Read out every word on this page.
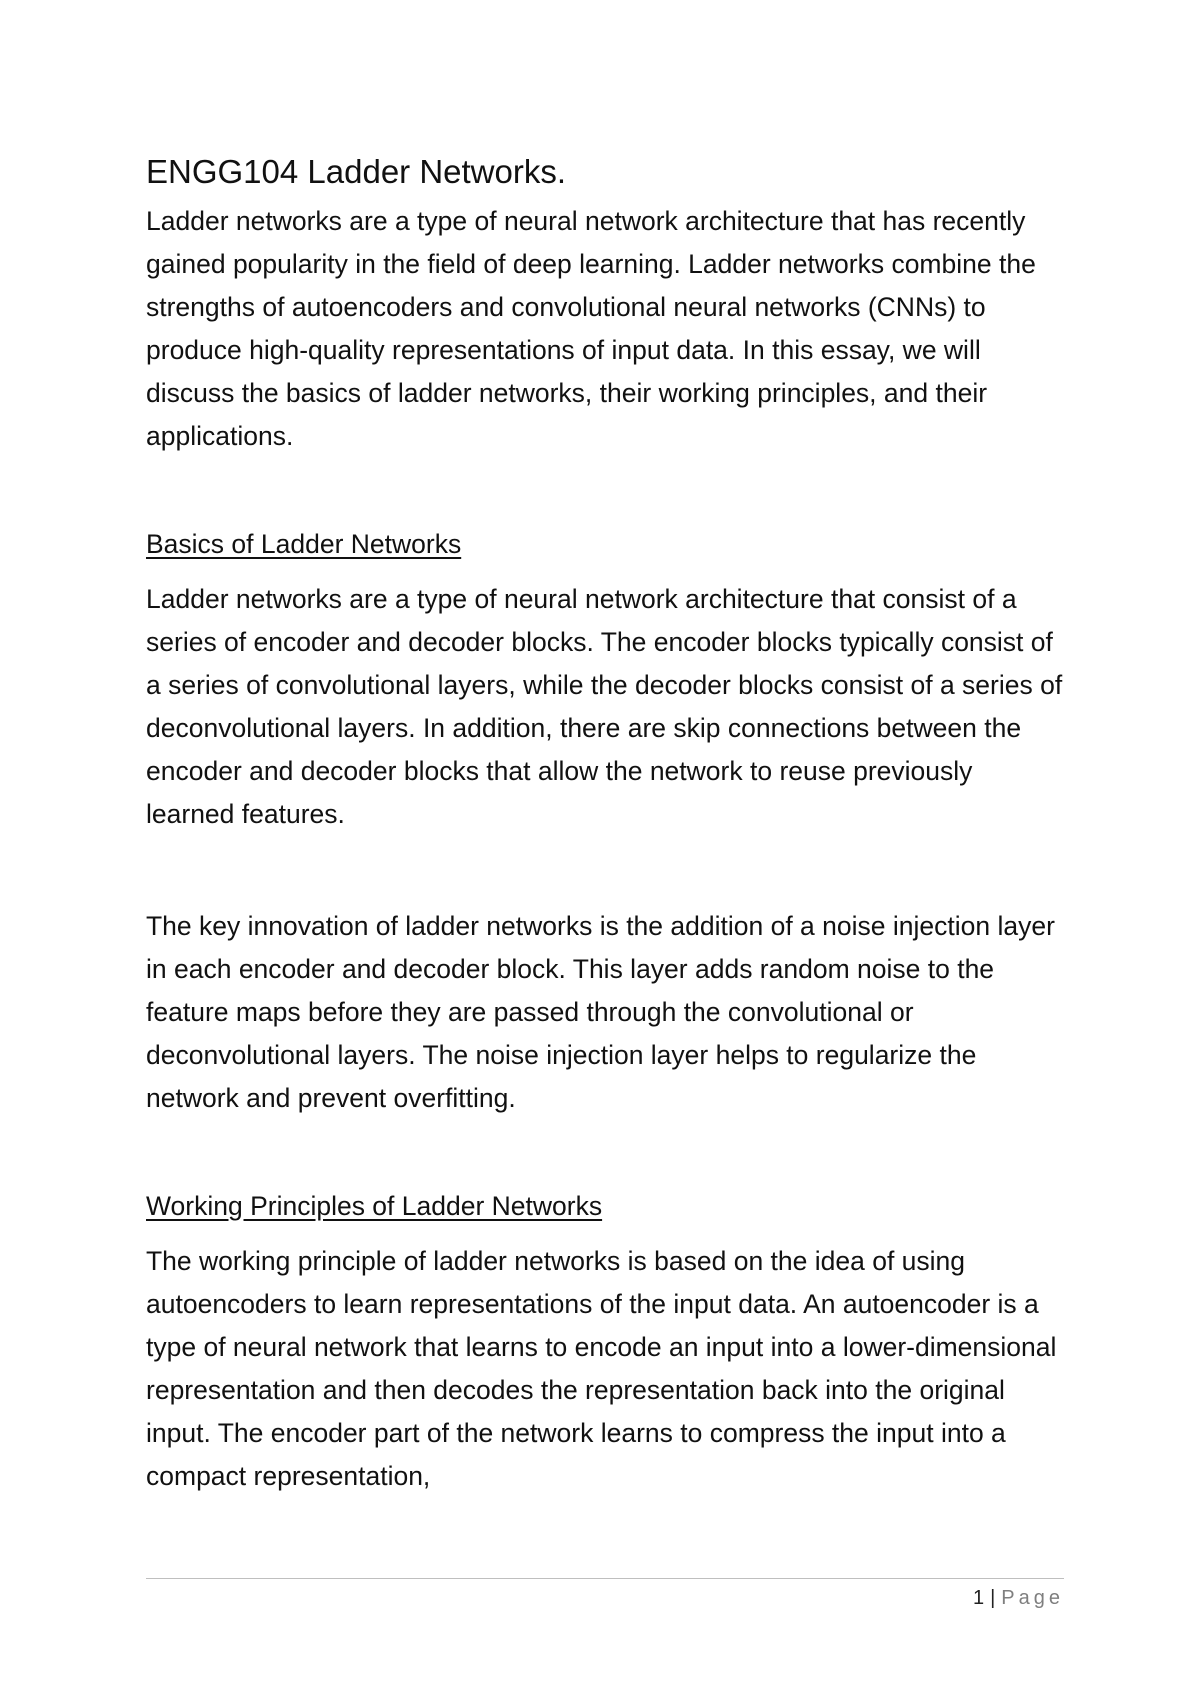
ENGG104 Ladder Networks.

Ladder networks are a type of neural network architecture that has recently gained popularity in the field of deep learning. Ladder networks combine the strengths of autoencoders and convolutional neural networks (CNNs) to produce high-quality representations of input data. In this essay, we will discuss the basics of ladder networks, their working principles, and their applications.

Basics of Ladder Networks

Ladder networks are a type of neural network architecture that consist of a series of encoder and decoder blocks. The encoder blocks typically consist of a series of convolutional layers, while the decoder blocks consist of a series of deconvolutional layers. In addition, there are skip connections between the encoder and decoder blocks that allow the network to reuse previously learned features.

The key innovation of ladder networks is the addition of a noise injection layer in each encoder and decoder block. This layer adds random noise to the feature maps before they are passed through the convolutional or deconvolutional layers. The noise injection layer helps to regularize the network and prevent overfitting.

Working Principles of Ladder Networks

The working principle of ladder networks is based on the idea of using autoencoders to learn representations of the input data. An autoencoder is a type of neural network that learns to encode an input into a lower-dimensional representation and then decodes the representation back into the original input. The encoder part of the network learns to compress the input into a compact representation,

1 | Page
